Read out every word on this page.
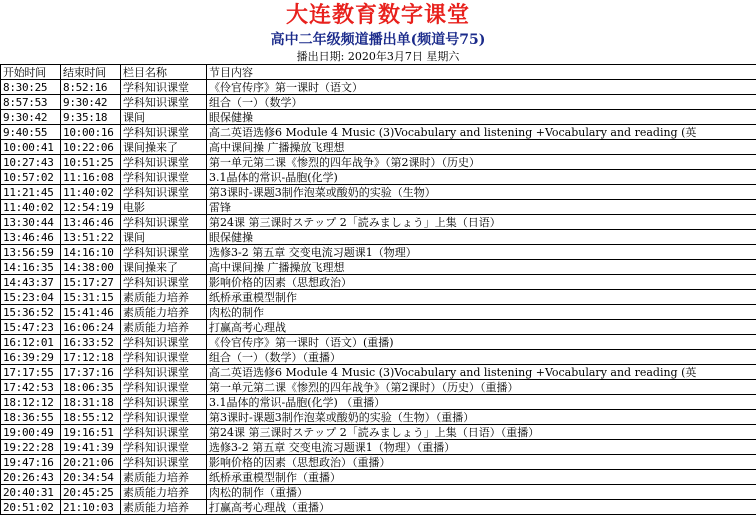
大连教育数字课堂
高中二年级频道播出单(频道号75)
播出日期: 2020年3月7日 星期六
开始时间	结束时间	栏目名称	节目内容
8:30:25	8:52:16	学科知识课堂	《伶官传序》第一课时（语文）
8:57:53	9:30:42	学科知识课堂	组合（一）（数学）
9:30:42	9:35:18	课间	眼保健操
9:40:55	10:00:16	学科知识课堂	高二英语选修6 Module 4 Music (3)Vocabulary and listening +Vocabulary and reading (英
10:00:41	10:22:06	课间操来了	高中课间操 广播操放飞理想
10:27:43	10:51:25	学科知识课堂	第一单元第二课《惨烈的四年战争》（第2课时）（历史）
10:57:02	11:16:08	学科知识课堂	3.1晶体的常识-晶胞(化学)
11:21:45	11:40:02	学科知识课堂	第3课时-课题3制作泡菜或酸奶的实验（生物）
11:40:02	12:54:19	电影	雷锋
13:30:44	13:46:46	学科知识课堂	第24课 第三课时ステップ 2「読みましょう」上集（日语）
13:46:46	13:51:22	课间	眼保健操
13:56:59	14:16:10	学科知识课堂	选修3-2 第五章 交变电流习题课1（物理）
14:16:35	14:38:00	课间操来了	高中课间操 广播操放飞理想
14:43:37	15:17:27	学科知识课堂	影响价格的因素（思想政治）
15:23:04	15:31:15	素质能力培养	纸桥承重模型制作
15:36:52	15:41:46	素质能力培养	肉松的制作
15:47:23	16:06:24	素质能力培养	打赢高考心理战
16:12:01	16:33:52	学科知识课堂	《伶官传序》第一课时（语文）(重播)
16:39:29	17:12:18	学科知识课堂	组合（一）（数学）（重播）
17:17:55	17:37:16	学科知识课堂	高二英语选修6 Module 4 Music (3)Vocabulary and listening +Vocabulary and reading (英
17:42:53	18:06:35	学科知识课堂	第一单元第二课《惨烈的四年战争》（第2课时）（历史）（重播）
18:12:12	18:31:18	学科知识课堂	3.1晶体的常识-晶胞(化学) （重播）
18:36:55	18:55:12	学科知识课堂	第3课时-课题3制作泡菜或酸奶的实验（生物）（重播）
19:00:49	19:16:51	学科知识课堂	第24课 第三课时ステップ 2「読みましょう」上集（日语）（重播）
19:22:28	19:41:39	学科知识课堂	选修3-2 第五章 交变电流习题课1（物理）（重播）
19:47:16	20:21:06	学科知识课堂	影响价格的因素（思想政治）（重播）
20:26:43	20:34:54	素质能力培养	纸桥承重模型制作（重播）
20:40:31	20:45:25	素质能力培养	肉松的制作（重播）
20:51:02	21:10:03	素质能力培养	打赢高考心理战（重播）
